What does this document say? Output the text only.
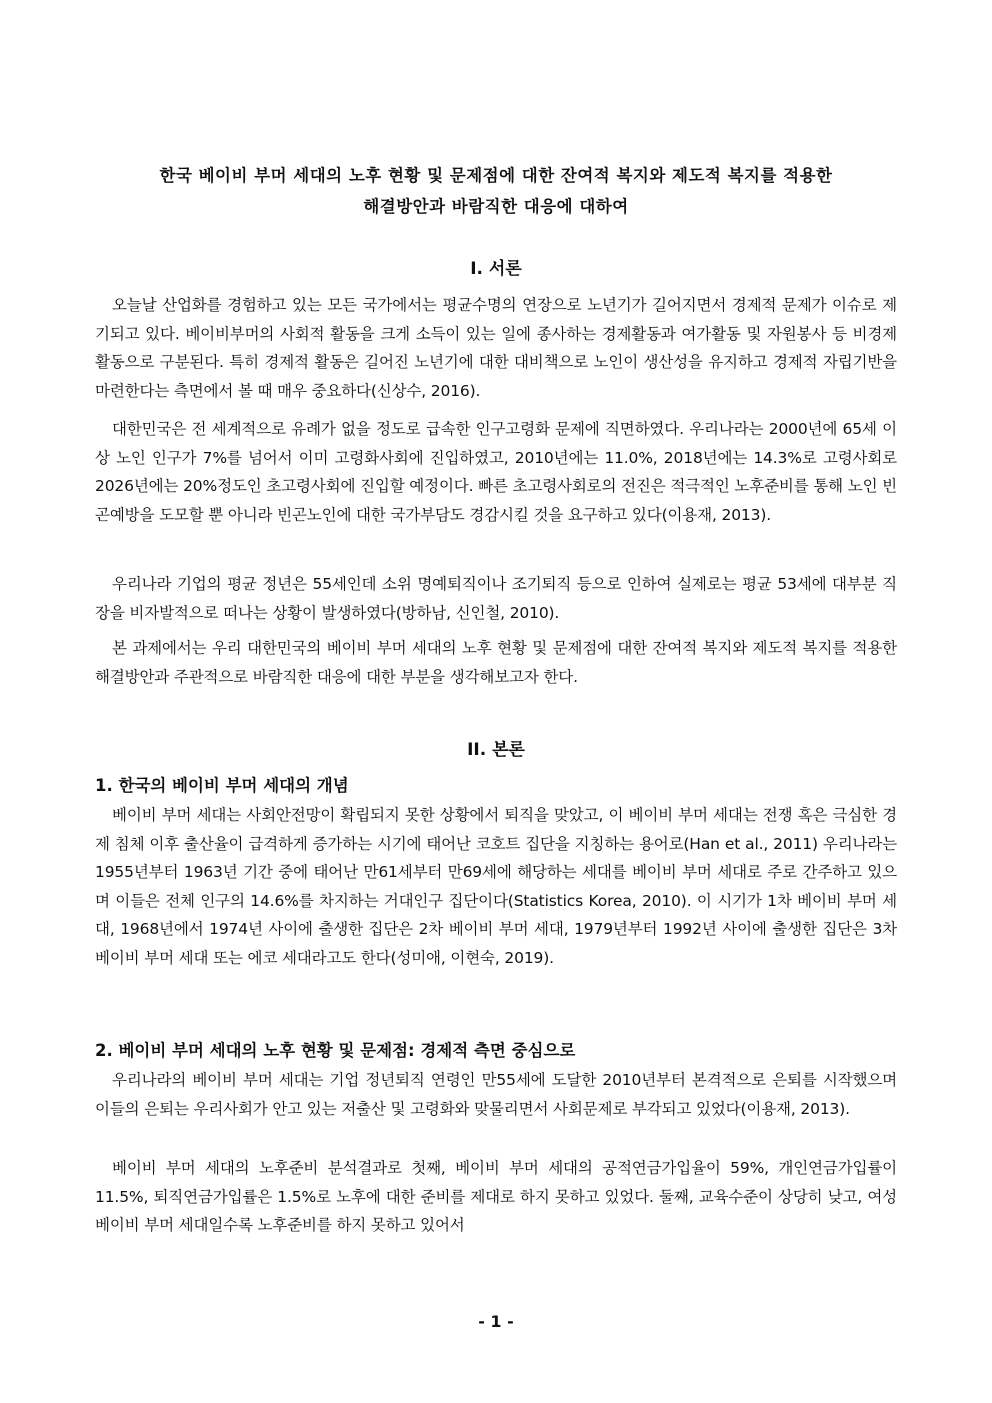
한국 베이비 부머 세대의 노후 현황 및 문제점에 대한 잔여적 복지와 제도적 복지를 적용한
해결방안과 바람직한 대응에 대하여
I. 서론

오늘날 산업화를 경험하고 있는 모든 국가에서는 평균수명의 연장으로 노년기가 길어지면서 경제적 문제가 이슈로 제기되고 있다. 베이비부머의 사회적 활동을 크게 소득이 있는 일에 종사하는 경제활동과 여가활동 및 자원봉사 등 비경제활동으로 구분된다. 특히 경제적 활동은 길어진 노년기에 대한 대비책으로 노인이 생산성을 유지하고 경제적 자립기반을 마련한다는 측면에서 볼 때 매우 중요하다(신상수, 2016).

대한민국은 전 세계적으로 유례가 없을 정도로 급속한 인구고령화 문제에 직면하였다. 우리나라는 2000년에 65세 이상 노인 인구가 7%를 넘어서 이미 고령화사회에 진입하였고, 2010년에는 11.0%, 2018년에는 14.3%로 고령사회로 2026년에는 20%정도인 초고령사회에 진입할 예정이다. 빠른 초고령사회로의 전진은 적극적인 노후준비를 통해 노인 빈곤예방을 도모할 뿐 아니라 빈곤노인에 대한 국가부담도 경감시킬 것을 요구하고 있다(이용재, 2013).

우리나라 기업의 평균 정년은 55세인데 소위 명예퇴직이나 조기퇴직 등으로 인하여 실제로는 평균 53세에 대부분 직장을 비자발적으로 떠나는 상황이 발생하였다(방하남, 신인철, 2010).

본 과제에서는 우리 대한민국의 베이비 부머 세대의 노후 현황 및 문제점에 대한 잔여적 복지와 제도적 복지를 적용한 해결방안과 주관적으로 바람직한 대응에 대한 부분을 생각해보고자 한다.

II. 본론
1. 한국의 베이비 부머 세대의 개념

베이비 부머 세대는 사회안전망이 확립되지 못한 상황에서 퇴직을 맞았고, 이 베이비 부머 세대는 전쟁 혹은 극심한 경제 침체 이후 출산율이 급격하게 증가하는 시기에 태어난 코호트 집단을 지칭하는 용어로(Han et al., 2011) 우리나라는 1955년부터 1963년 기간 중에 태어난 만61세부터 만69세에 해당하는 세대를 베이비 부머 세대로 주로 간주하고 있으며 이들은 전체 인구의 14.6%를 차지하는 거대인구 집단이다(Statistics Korea, 2010). 이 시기가 1차 베이비 부머 세대, 1968년에서 1974년 사이에 출생한 집단은 2차 베이비 부머 세대, 1979년부터 1992년 사이에 출생한 집단은 3차 베이비 부머 세대 또는 에코 세대라고도 한다(성미애, 이현숙, 2019).

2. 베이비 부머 세대의 노후 현황 및 문제점: 경제적 측면 중심으로

우리나라의 베이비 부머 세대는 기업 정년퇴직 연령인 만55세에 도달한 2010년부터 본격적으로 은퇴를 시작했으며 이들의 은퇴는 우리사회가 안고 있는 저출산 및 고령화와 맞물리면서 사회문제로 부각되고 있었다(이용재, 2013).

베이비 부머 세대의 노후준비 분석결과로 첫째, 베이비 부머 세대의 공적연금가입율이 59%, 개인연금가입률이 11.5%, 퇴직연금가입률은 1.5%로 노후에 대한 준비를 제대로 하지 못하고 있었다. 둘째, 교육수준이 상당히 낮고, 여성 베이비 부머 세대일수록 노후준비를 하지 못하고 있어서

- 1 -
